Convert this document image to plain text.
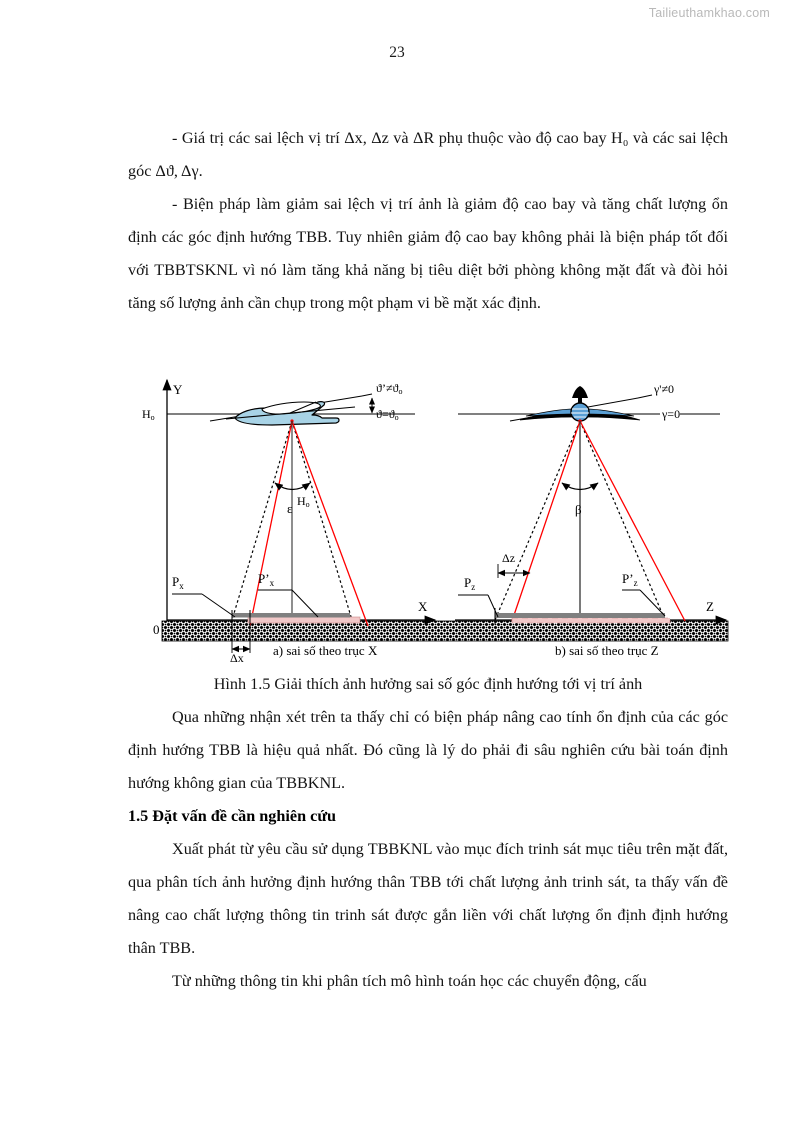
Tailieuthamkhao.com
23

- Giá trị các sai lệch vị trí Δx, Δz và ΔR phụ thuộc vào độ cao bay H₀ và các sai lệch góc Δϑ, Δγ.

- Biện pháp làm giảm sai lệch vị trí ảnh là giảm độ cao bay và tăng chất lượng ổn định các góc định hướng TBB. Tuy nhiên giảm độ cao bay không phải là biện pháp tốt đối với TBBTSKNL vì nó làm tăng khả năng bị tiêu diệt bởi phòng không mặt đất và đòi hỏi tăng số lượng ảnh cần chụp trong một phạm vi bề mặt xác định.

Y
X
0
Ho
ϑ’≠ϑo
ϑ=ϑo
Ho
ε
$P_x$	$P’_x$
Δx a) sai số theo trục X
Z
γ'≠0
γ=0
β
$P_z$
$P’_z$
Δz
b) sai số theo trục Z

Hình 1.5 Giải thích ảnh hưởng sai số góc định hướng tới vị trí ảnh

Qua những nhận xét trên ta thấy chỉ có biện pháp nâng cao tính ổn định của các góc định hướng TBB là hiệu quả nhất. Đó cũng là lý do phải đi sâu nghiên cứu bài toán định hướng không gian của TBBKNL.

1.5 Đặt vấn đề cần nghiên cứu

Xuất phát từ yêu cầu sử dụng TBBKNL vào mục đích trinh sát mục tiêu trên mặt đất, qua phân tích ảnh hưởng định hướng thân TBB tới chất lượng ảnh trinh sát, ta thấy vấn đề nâng cao chất lượng thông tin trinh sát được gắn liền với chất lượng ổn định định hướng thân TBB.

Từ những thông tin khi phân tích mô hình toán học các chuyển động, cấu
